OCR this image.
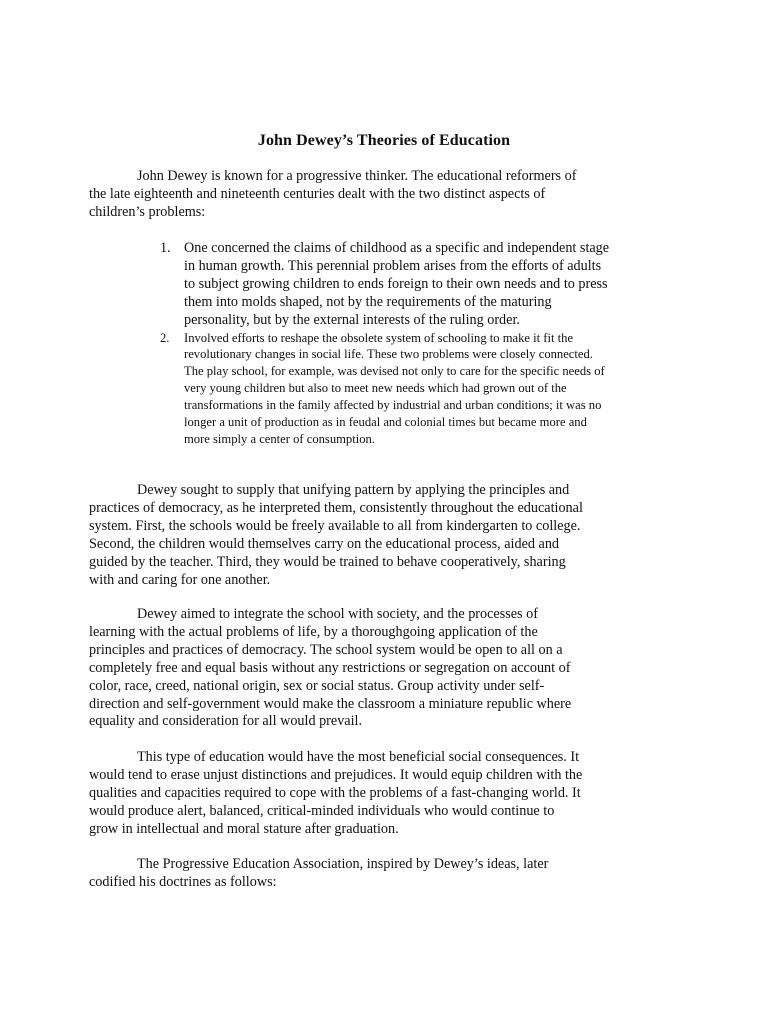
John Dewey’s Theories of Education

John Dewey is known for a progressive thinker. The educational reformers of the late eighteenth and nineteenth centuries dealt with the two distinct aspects of children’s problems:

1. One concerned the claims of childhood as a specific and independent stage in human growth. This perennial problem arises from the efforts of adults to subject growing children to ends foreign to their own needs and to press them into molds shaped, not by the requirements of the maturing personality, but by the external interests of the ruling order.
2. Involved efforts to reshape the obsolete system of schooling to make it fit the revolutionary changes in social life. These two problems were closely connected. The play school, for example, was devised not only to care for the specific needs of very young children but also to meet new needs which had grown out of the transformations in the family affected by industrial and urban conditions; it was no longer a unit of production as in feudal and colonial times but became more and more simply a center of consumption.

Dewey sought to supply that unifying pattern by applying the principles and practices of democracy, as he interpreted them, consistently throughout the educational system. First, the schools would be freely available to all from kindergarten to college. Second, the children would themselves carry on the educational process, aided and guided by the teacher. Third, they would be trained to behave cooperatively, sharing with and caring for one another.

Dewey aimed to integrate the school with society, and the processes of learning with the actual problems of life, by a thoroughgoing application of the principles and practices of democracy. The school system would be open to all on a completely free and equal basis without any restrictions or segregation on account of color, race, creed, national origin, sex or social status. Group activity under self-direction and self-government would make the classroom a miniature republic where equality and consideration for all would prevail.

This type of education would have the most beneficial social consequences. It would tend to erase unjust distinctions and prejudices. It would equip children with the qualities and capacities required to cope with the problems of a fast-changing world. It would produce alert, balanced, critical-minded individuals who would continue to grow in intellectual and moral stature after graduation.

The Progressive Education Association, inspired by Dewey’s ideas, later codified his doctrines as follows:
